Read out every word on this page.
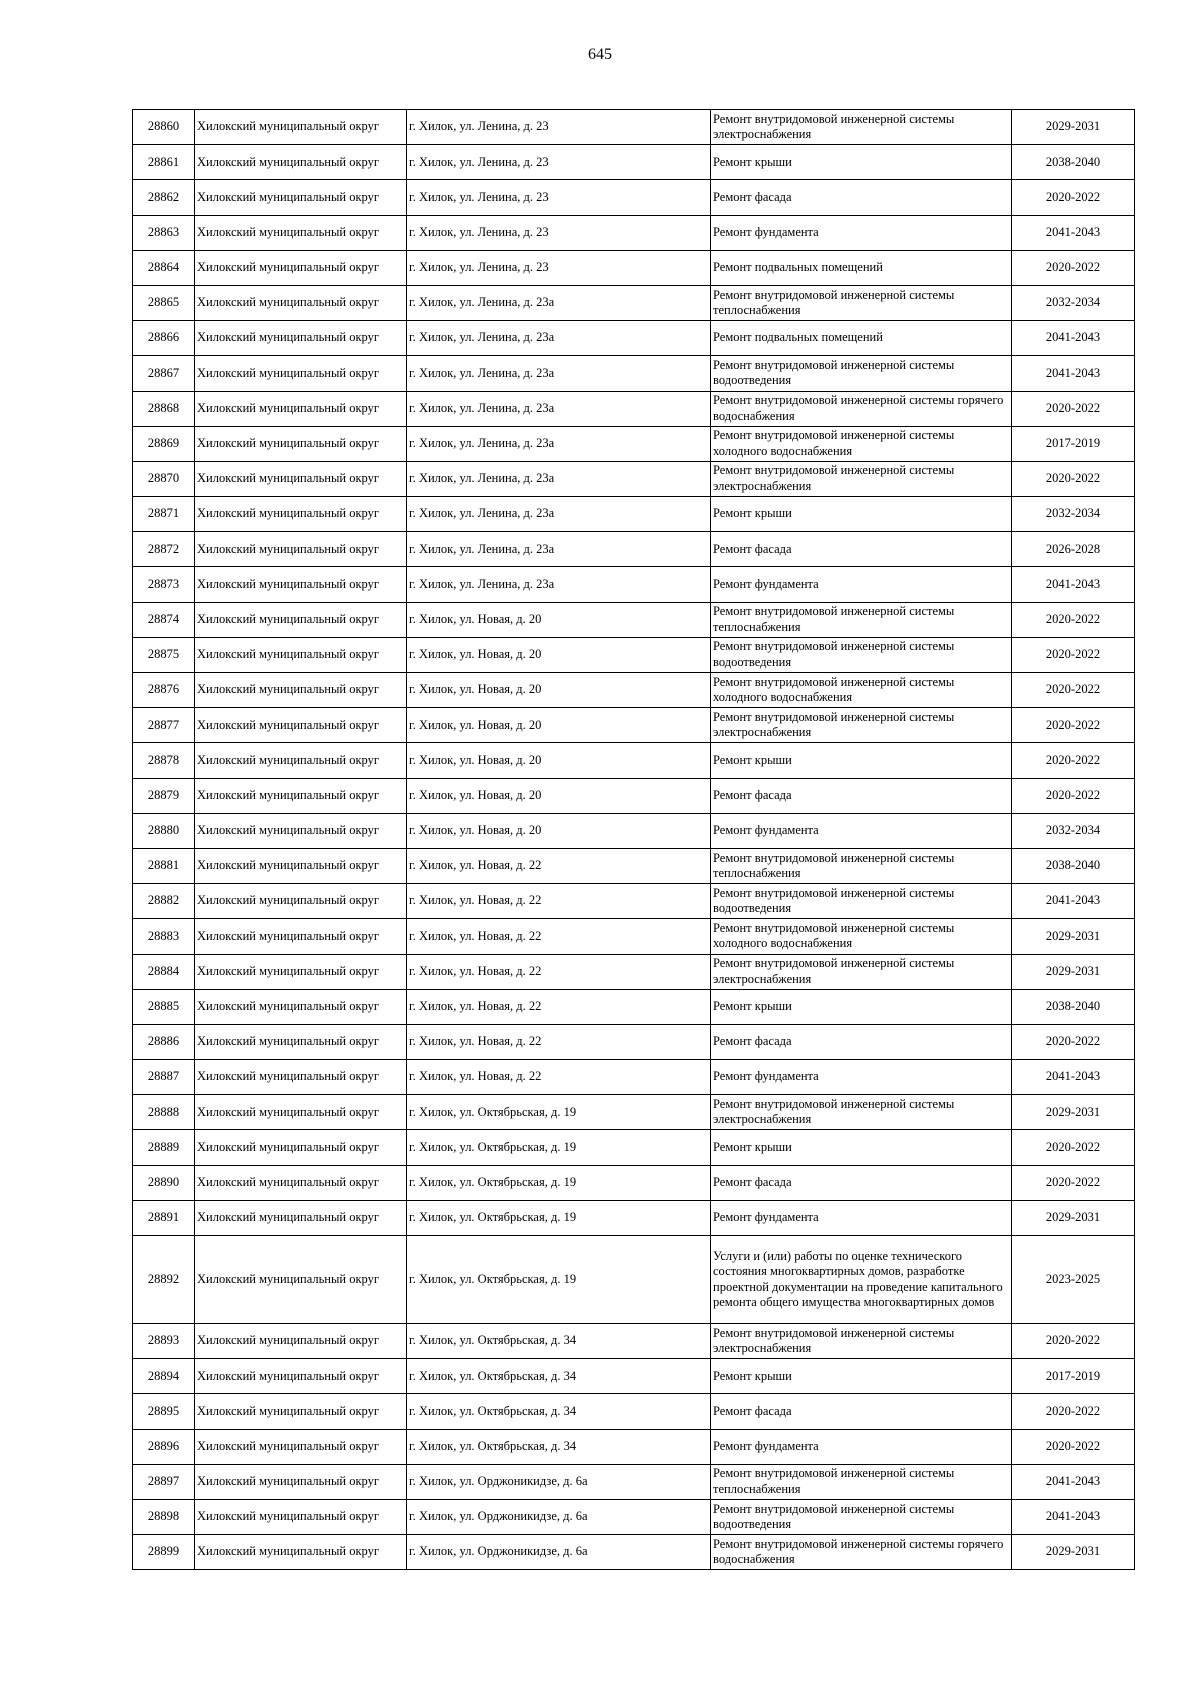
645
28860	Хилокский муниципальный округ	г. Хилок, ул. Ленина, д. 23	Ремонт внутридомовой инженерной системы электроснабжения	2029-2031
28861	Хилокский муниципальный округ	г. Хилок, ул. Ленина, д. 23	Ремонт крыши	2038-2040
28862	Хилокский муниципальный округ	г. Хилок, ул. Ленина, д. 23	Ремонт фасада	2020-2022
28863	Хилокский муниципальный округ	г. Хилок, ул. Ленина, д. 23	Ремонт фундамента	2041-2043
28864	Хилокский муниципальный округ	г. Хилок, ул. Ленина, д. 23	Ремонт подвальных помещений	2020-2022
28865	Хилокский муниципальный округ	г. Хилок, ул. Ленина, д. 23а	Ремонт внутридомовой инженерной системы теплоснабжения	2032-2034
28866	Хилокский муниципальный округ	г. Хилок, ул. Ленина, д. 23а	Ремонт подвальных помещений	2041-2043
28867	Хилокский муниципальный округ	г. Хилок, ул. Ленина, д. 23а	Ремонт внутридомовой инженерной системы водоотведения	2041-2043
28868	Хилокский муниципальный округ	г. Хилок, ул. Ленина, д. 23а	Ремонт внутридомовой инженерной системы горячего водоснабжения	2020-2022
28869	Хилокский муниципальный округ	г. Хилок, ул. Ленина, д. 23а	Ремонт внутридомовой инженерной системы холодного водоснабжения	2017-2019
28870	Хилокский муниципальный округ	г. Хилок, ул. Ленина, д. 23а	Ремонт внутридомовой инженерной системы электроснабжения	2020-2022
28871	Хилокский муниципальный округ	г. Хилок, ул. Ленина, д. 23а	Ремонт крыши	2032-2034
28872	Хилокский муниципальный округ	г. Хилок, ул. Ленина, д. 23а	Ремонт фасада	2026-2028
28873	Хилокский муниципальный округ	г. Хилок, ул. Ленина, д. 23а	Ремонт фундамента	2041-2043
28874	Хилокский муниципальный округ	г. Хилок, ул. Новая, д. 20	Ремонт внутридомовой инженерной системы теплоснабжения	2020-2022
28875	Хилокский муниципальный округ	г. Хилок, ул. Новая, д. 20	Ремонт внутридомовой инженерной системы водоотведения	2020-2022
28876	Хилокский муниципальный округ	г. Хилок, ул. Новая, д. 20	Ремонт внутридомовой инженерной системы холодного водоснабжения	2020-2022
28877	Хилокский муниципальный округ	г. Хилок, ул. Новая, д. 20	Ремонт внутридомовой инженерной системы электроснабжения	2020-2022
28878	Хилокский муниципальный округ	г. Хилок, ул. Новая, д. 20	Ремонт крыши	2020-2022
28879	Хилокский муниципальный округ	г. Хилок, ул. Новая, д. 20	Ремонт фасада	2020-2022
28880	Хилокский муниципальный округ	г. Хилок, ул. Новая, д. 20	Ремонт фундамента	2032-2034
28881	Хилокский муниципальный округ	г. Хилок, ул. Новая, д. 22	Ремонт внутридомовой инженерной системы теплоснабжения	2038-2040
28882	Хилокский муниципальный округ	г. Хилок, ул. Новая, д. 22	Ремонт внутридомовой инженерной системы водоотведения	2041-2043
28883	Хилокский муниципальный округ	г. Хилок, ул. Новая, д. 22	Ремонт внутридомовой инженерной системы холодного водоснабжения	2029-2031
28884	Хилокский муниципальный округ	г. Хилок, ул. Новая, д. 22	Ремонт внутридомовой инженерной системы электроснабжения	2029-2031
28885	Хилокский муниципальный округ	г. Хилок, ул. Новая, д. 22	Ремонт крыши	2038-2040
28886	Хилокский муниципальный округ	г. Хилок, ул. Новая, д. 22	Ремонт фасада	2020-2022
28887	Хилокский муниципальный округ	г. Хилок, ул. Новая, д. 22	Ремонт фундамента	2041-2043
28888	Хилокский муниципальный округ	г. Хилок, ул. Октябрьская, д. 19	Ремонт внутридомовой инженерной системы электроснабжения	2029-2031
28889	Хилокский муниципальный округ	г. Хилок, ул. Октябрьская, д. 19	Ремонт крыши	2020-2022
28890	Хилокский муниципальный округ	г. Хилок, ул. Октябрьская, д. 19	Ремонт фасада	2020-2022
28891	Хилокский муниципальный округ	г. Хилок, ул. Октябрьская, д. 19	Ремонт фундамента	2029-2031
28892	Хилокский муниципальный округ	г. Хилок, ул. Октябрьская, д. 19	Услуги и (или) работы по оценке технического состояния многоквартирных домов, разработке проектной документации на проведение капитального ремонта общего имущества многоквартирных домов	2023-2025
28893	Хилокский муниципальный округ	г. Хилок, ул. Октябрьская, д. 34	Ремонт внутридомовой инженерной системы электроснабжения	2020-2022
28894	Хилокский муниципальный округ	г. Хилок, ул. Октябрьская, д. 34	Ремонт крыши	2017-2019
28895	Хилокский муниципальный округ	г. Хилок, ул. Октябрьская, д. 34	Ремонт фасада	2020-2022
28896	Хилокский муниципальный округ	г. Хилок, ул. Октябрьская, д. 34	Ремонт фундамента	2020-2022
28897	Хилокский муниципальный округ	г. Хилок, ул. Орджоникидзе, д. 6а	Ремонт внутридомовой инженерной системы теплоснабжения	2041-2043
28898	Хилокский муниципальный округ	г. Хилок, ул. Орджоникидзе, д. 6а	Ремонт внутридомовой инженерной системы водоотведения	2041-2043
28899	Хилокский муниципальный округ	г. Хилок, ул. Орджоникидзе, д. 6а	Ремонт внутридомовой инженерной системы горячего водоснабжения	2029-2031
